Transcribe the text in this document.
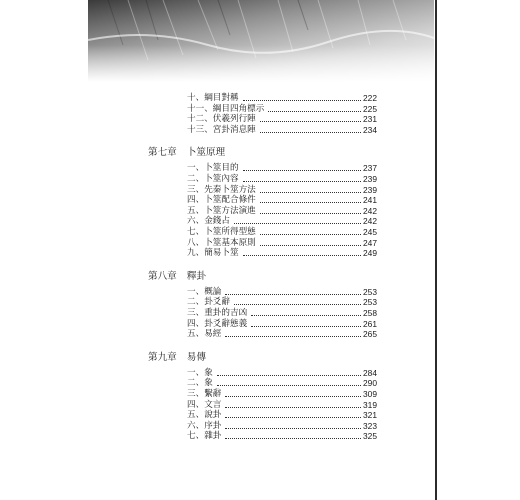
十、綱目對稱	222
十一、綱目四角標示	225
十二、伏羲列行陣	231
十三、宮卦消息陣	234
第七章 卜筮原理
一、卜筮目的	237
二、卜筮內容	239
三、先秦卜筮方法	239
四、卜筮配合條件	241
五、卜筮方法演進	242
六、金錢占	242
七、卜筮所得型態	245
八、卜筮基本原則	247
九、簡易卜筮	249
第八章 釋卦
一、概論	253
二、卦爻辭	253
三、重卦的吉凶	258
四、卦爻辭態義	261
五、易經	265
第九章 易傳
一、象	284
二、象	290
三、繫辭	309
四、文言	319
五、說卦	321
六、序卦	323
七、雜卦	325
